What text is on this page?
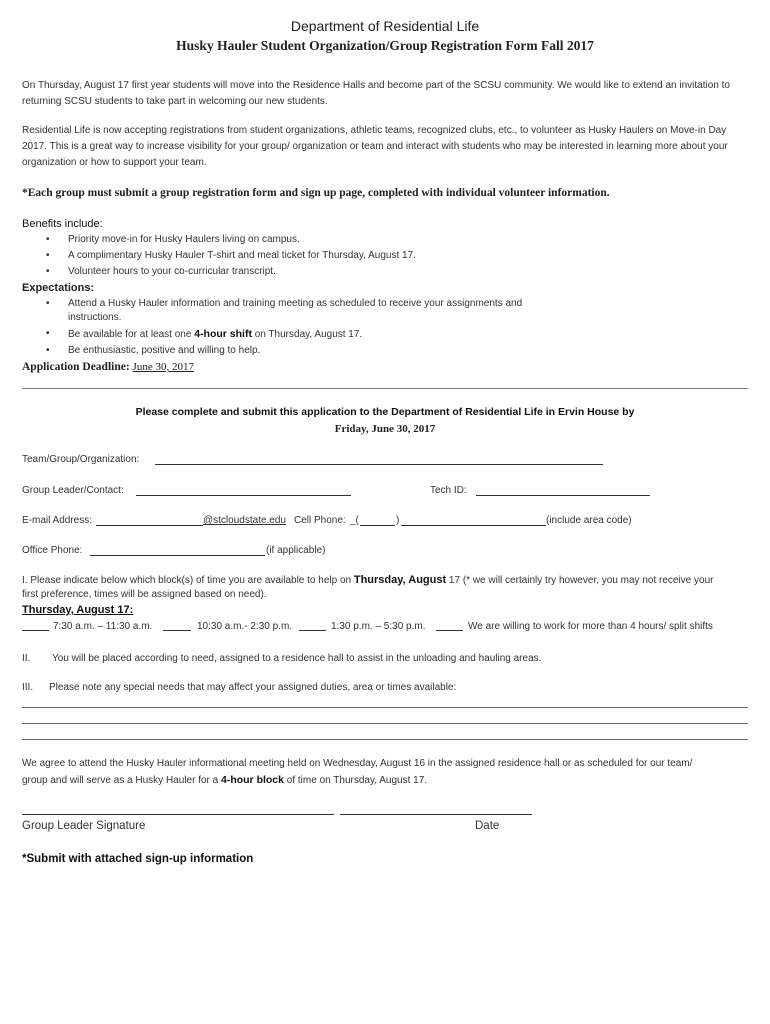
Department of Residential Life
Husky Hauler Student Organization/Group Registration Form Fall 2017
On Thursday, August 17 first year students will move into the Residence Halls and become part of the SCSU community. We would like to extend an invitation to returning SCSU students to take part in welcoming our new students.
Residential Life is now accepting registrations from student organizations, athletic teams, recognized clubs, etc., to volunteer as Husky Haulers on Move-in Day 2017. This is a great way to increase visibility for your group/ organization or team and interact with students who may be interested in learning more about your organization or how to support your team.
*Each group must submit a group registration form and sign up page, completed with individual volunteer information.
Benefits include:
• Priority move-in for Husky Haulers living on campus.
• A complimentary Husky Hauler T-shirt and meal ticket for Thursday, August 17.
• Volunteer hours to your co-curricular transcript.
Expectations:
• Attend a Husky Hauler information and training meeting as scheduled to receive your assignments and
instructions.
• Be available for at least one 4-hour shift on Thursday, August 17.
• Be enthusiastic, positive and willing to help.
Application Deadline: June 30, 2017
Please complete and submit this application to the Department of Residential Life in Ervin House by
Friday, June 30, 2017
Team/Group/Organization:
Group Leader/Contact:	Tech ID:
E-mail Address:	@stcloudstate.edu Cell Phone: _(	)	(include area code)
Office Phone:	(if applicable)
I. Please indicate below which block(s) of time you are available to help on Thursday, August 17 (* we will certainly try however, you may not receive your
first preference, times will be assigned based on need).
Thursday, August 17:
7:30 a.m. – 11:30 a.m.	10:30 a.m.- 2:30 p.m.	1:30 p.m. – 5:30 p.m.	We are willing to work for more than 4 hours/ split shifts
II. You will be placed according to need, assigned to a residence hall to assist in the unloading and hauling areas.
III. Please note any special needs that may affect your assigned duties, area or times available:
We agree to attend the Husky Hauler informational meeting held on Wednesday, August 16 in the assigned residence hall or as scheduled for our team/
group and will serve as a Husky Hauler for a 4-hour block of time on Thursday, August 17.
Group Leader Signature	Date
*Submit with attached sign-up information
